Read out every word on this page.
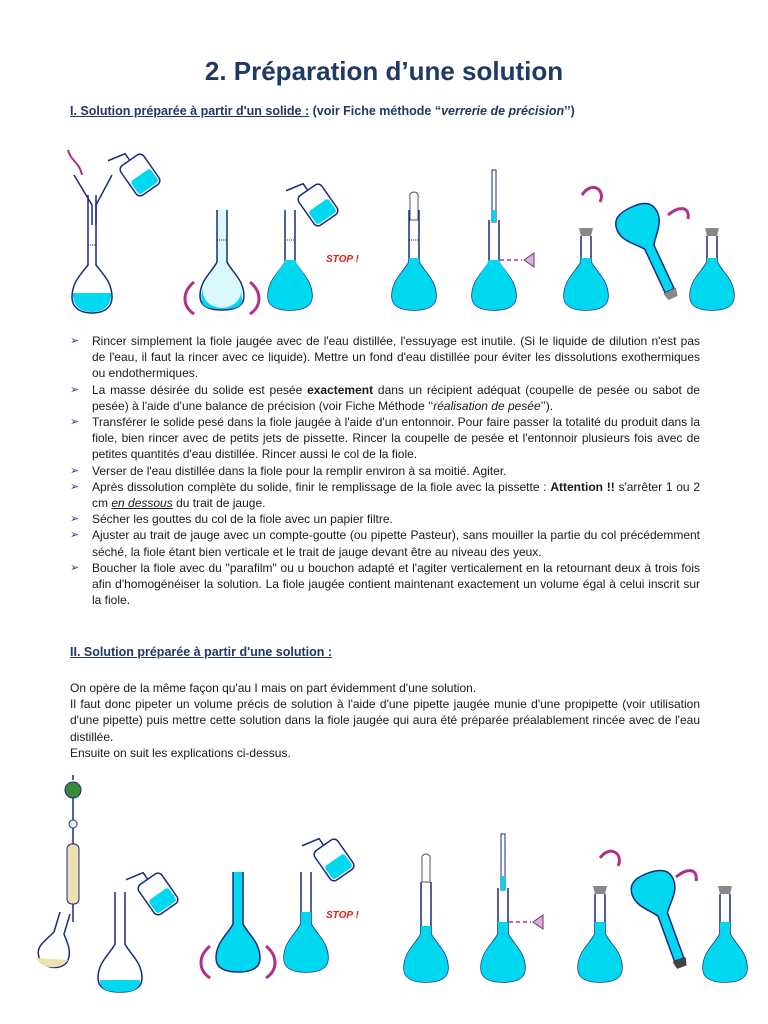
2. Préparation d’une solution
I. Solution préparée à partir d'un solide : (voir Fiche méthode “verrerie de précision’’)
STOP !
➢ Rincer simplement la fiole jaugée avec de l'eau distillée, l'essuyage est inutile. (Si le liquide de dilution n'est pas de l'eau, il faut la rincer avec ce liquide). Mettre un fond d'eau distillée pour éviter les dissolutions exothermiques ou endothermiques.
➢ La masse désirée du solide est pesée exactement dans un récipient adéquat (coupelle de pesée ou sabot de pesée) à l'aide d'une balance de précision (voir Fiche Méthode ‘‘réalisation de pesée’’).
➢ Transférer le solide pesé dans la fiole jaugée à l'aide d'un entonnoir. Pour faire passer la totalité du produit dans la fiole, bien rincer avec de petits jets de pissette. Rincer la coupelle de pesée et l'entonnoir plusieurs fois avec de petites quantités d'eau distillée. Rincer aussi le col de la fiole.
➢ Verser de l'eau distillée dans la fiole pour la remplir environ à sa moitié. Agiter.
➢ Après dissolution complète du solide, finir le remplissage de la fiole avec la pissette : Attention !! s'arrêter 1 ou 2 cm en dessous du trait de jauge.
➢ Sécher les gouttes du col de la fiole avec un papier filtre.
➢ Ajuster au trait de jauge avec un compte-goutte (ou pipette Pasteur), sans mouiller la partie du col précédemment séché, la fiole étant bien verticale et le trait de jauge devant être au niveau des yeux.
➢ Boucher la fiole avec du "parafilm" ou u bouchon adapté et l'agiter verticalement en la retournant deux à trois fois afin d'homogénéiser la solution. La fiole jaugée contient maintenant exactement un volume égal à celui inscrit sur la fiole.
II. Solution préparée à partir d'une solution :

On opère de la même façon qu'au I mais on part évidemment d'une solution.

Il faut donc pipeter un volume précis de solution à l'aide d'une pipette jaugée munie d'une propipette (voir utilisation d'une pipette) puis mettre cette solution dans la fiole jaugée qui aura été préparée préalablement rincée avec de l'eau distillée.

Ensuite on suit les explications ci-dessus.

STOP !
